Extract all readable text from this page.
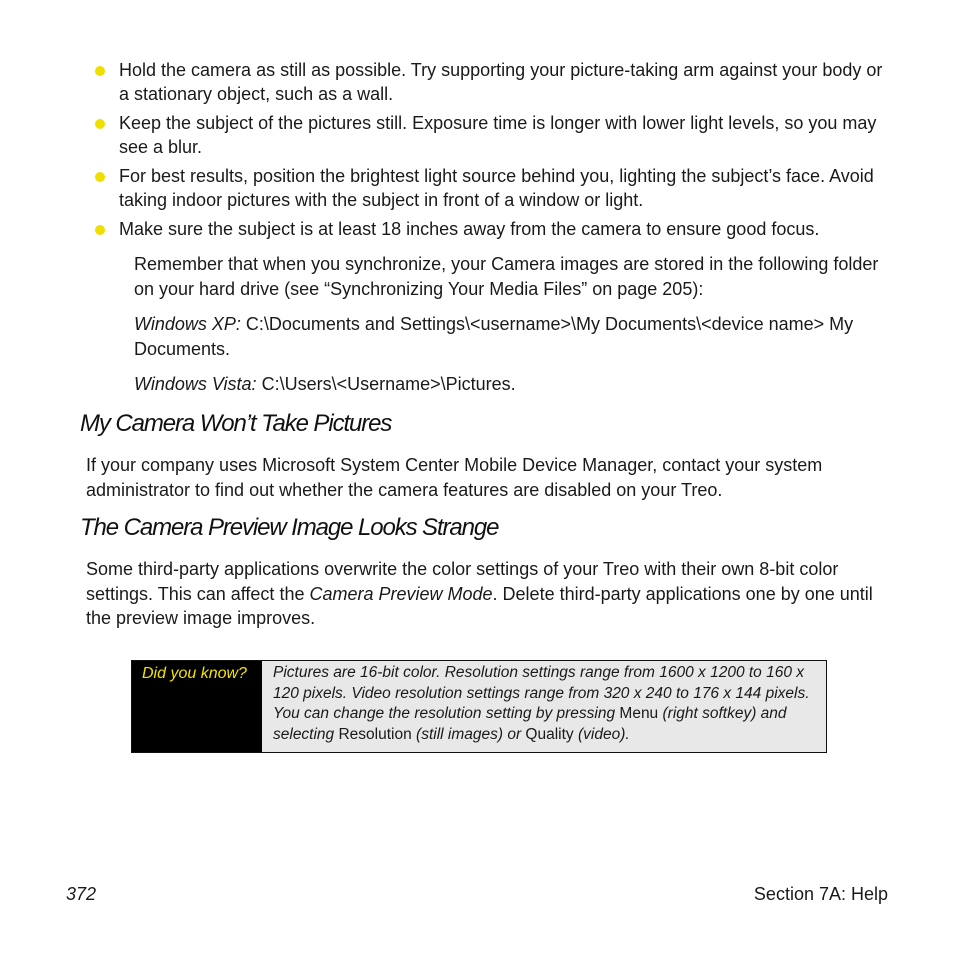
Hold the camera as still as possible. Try supporting your picture-taking arm against your body or a stationary object, such as a wall.
Keep the subject of the pictures still. Exposure time is longer with lower light levels, so you may see a blur.
For best results, position the brightest light source behind you, lighting the subject’s face. Avoid taking indoor pictures with the subject in front of a window or light.
Make sure the subject is at least 18 inches away from the camera to ensure good focus.

Remember that when you synchronize, your Camera images are stored in the following folder on your hard drive (see “Synchronizing Your Media Files” on page 205):

Windows XP: C:\Documents and Settings\<username>\My Documents\<device name> My Documents.

Windows Vista: C:\Users\<Username>\Pictures.

My Camera Won’t Take Pictures

If your company uses Microsoft System Center Mobile Device Manager, contact your system administrator to find out whether the camera features are disabled on your Treo.

The Camera Preview Image Looks Strange

Some third-party applications overwrite the color settings of your Treo with their own 8-bit color settings. This can affect the Camera Preview Mode. Delete third-party applications one by one until the preview image improves.

Did you know? Pictures are 16-bit color. Resolution settings range from 1600 x 1200 to 160 x 120 pixels. Video resolution settings range from 320 x 240 to 176 x 144 pixels. You can change the resolution setting by pressing Menu (right softkey) and selecting Resolution (still images) or Quality (video).
372	Section 7A: Help
